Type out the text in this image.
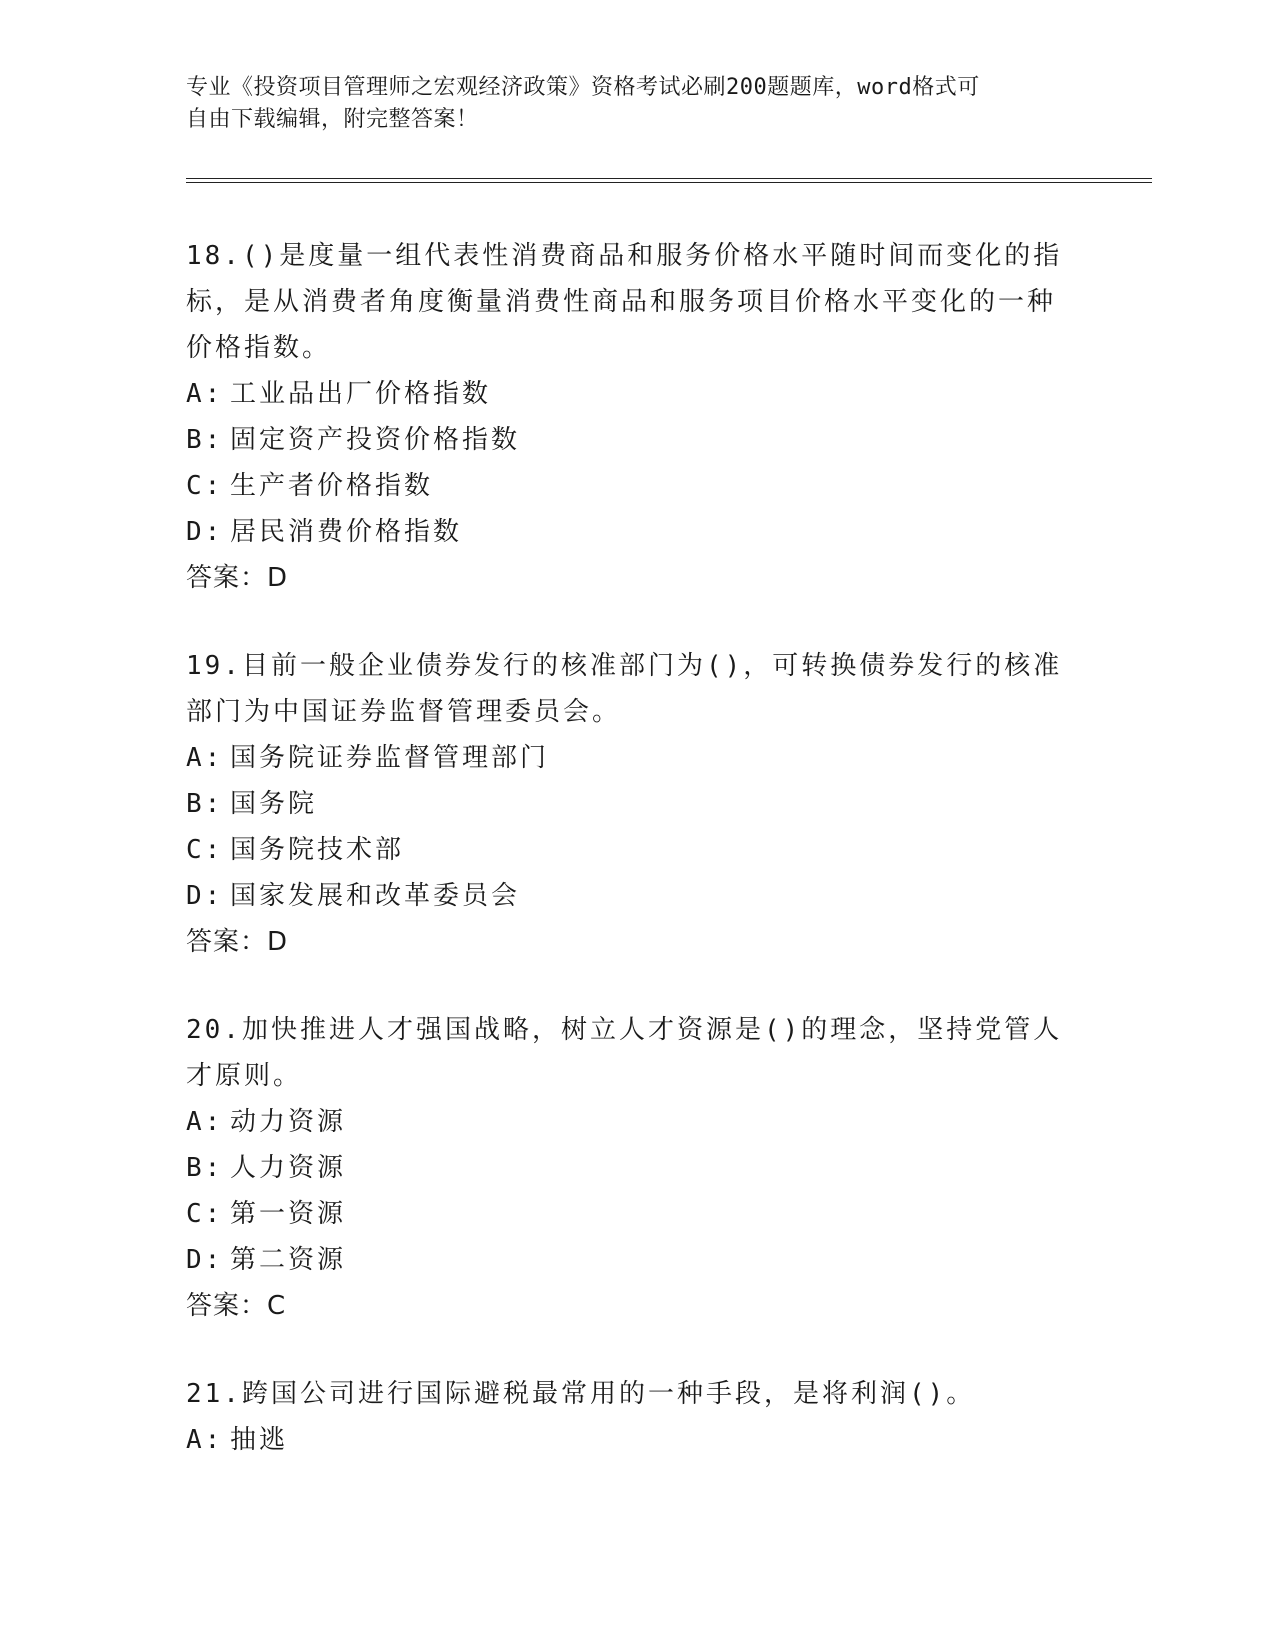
专业《投资项目管理师之宏观经济政策》资格考试必刷200题题库，word格式可
自由下载编辑，附完整答案！
18.()是度量一组代表性消费商品和服务价格水平随时间而变化的指标，是从消费者角度衡量消费性商品和服务项目价格水平变化的一种价格指数。
A: 工业品出厂价格指数
B: 固定资产投资价格指数
C: 生产者价格指数
D: 居民消费价格指数
答案：D
19.目前一般企业债券发行的核准部门为()，可转换债券发行的核准部门为中国证券监督管理委员会。
A: 国务院证券监督管理部门
B: 国务院
C: 国务院技术部
D: 国家发展和改革委员会
答案：D
20.加快推进人才强国战略，树立人才资源是()的理念，坚持党管人才原则。
A: 动力资源
B: 人力资源
C: 第一资源
D: 第二资源
答案：C
21.跨国公司进行国际避税最常用的一种手段，是将利润()。
A: 抽逃
